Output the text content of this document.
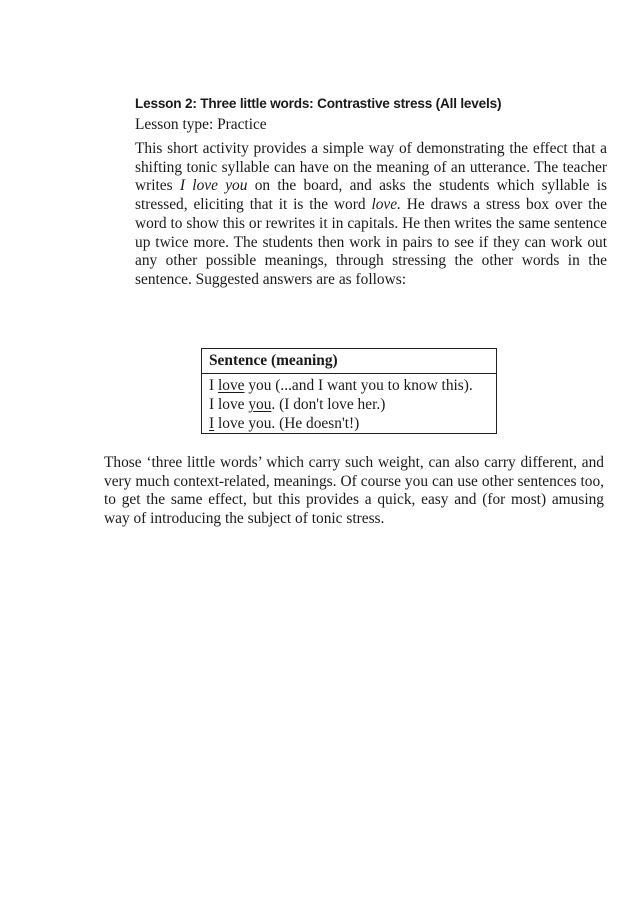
Lesson 2: Three little words: Contrastive stress (All levels)
Lesson type: Practice
This short activity provides a simple way of demonstrating the effect that a shifting tonic syllable can have on the meaning of an utterance. The teacher writes I love you on the board, and asks the students which syllable is stressed, eliciting that it is the word love. He draws a stress box over the word to show this or rewrites it in capitals. He then writes the same sentence up twice more. The students then work in pairs to see if they can work out any other possible meanings, through stressing the other words in the sentence. Suggested answers are as follows:
Sentence (meaning)
I love you (...and I want you to know this).
I love you. (I don't love her.)
I love you. (He doesn't!)
Those ‘three little words’ which carry such weight, can also carry different, and very much context-related, meanings. Of course you can use other sentences too, to get the same effect, but this provides a quick, easy and (for most) amusing way of introducing the subject of tonic stress.
